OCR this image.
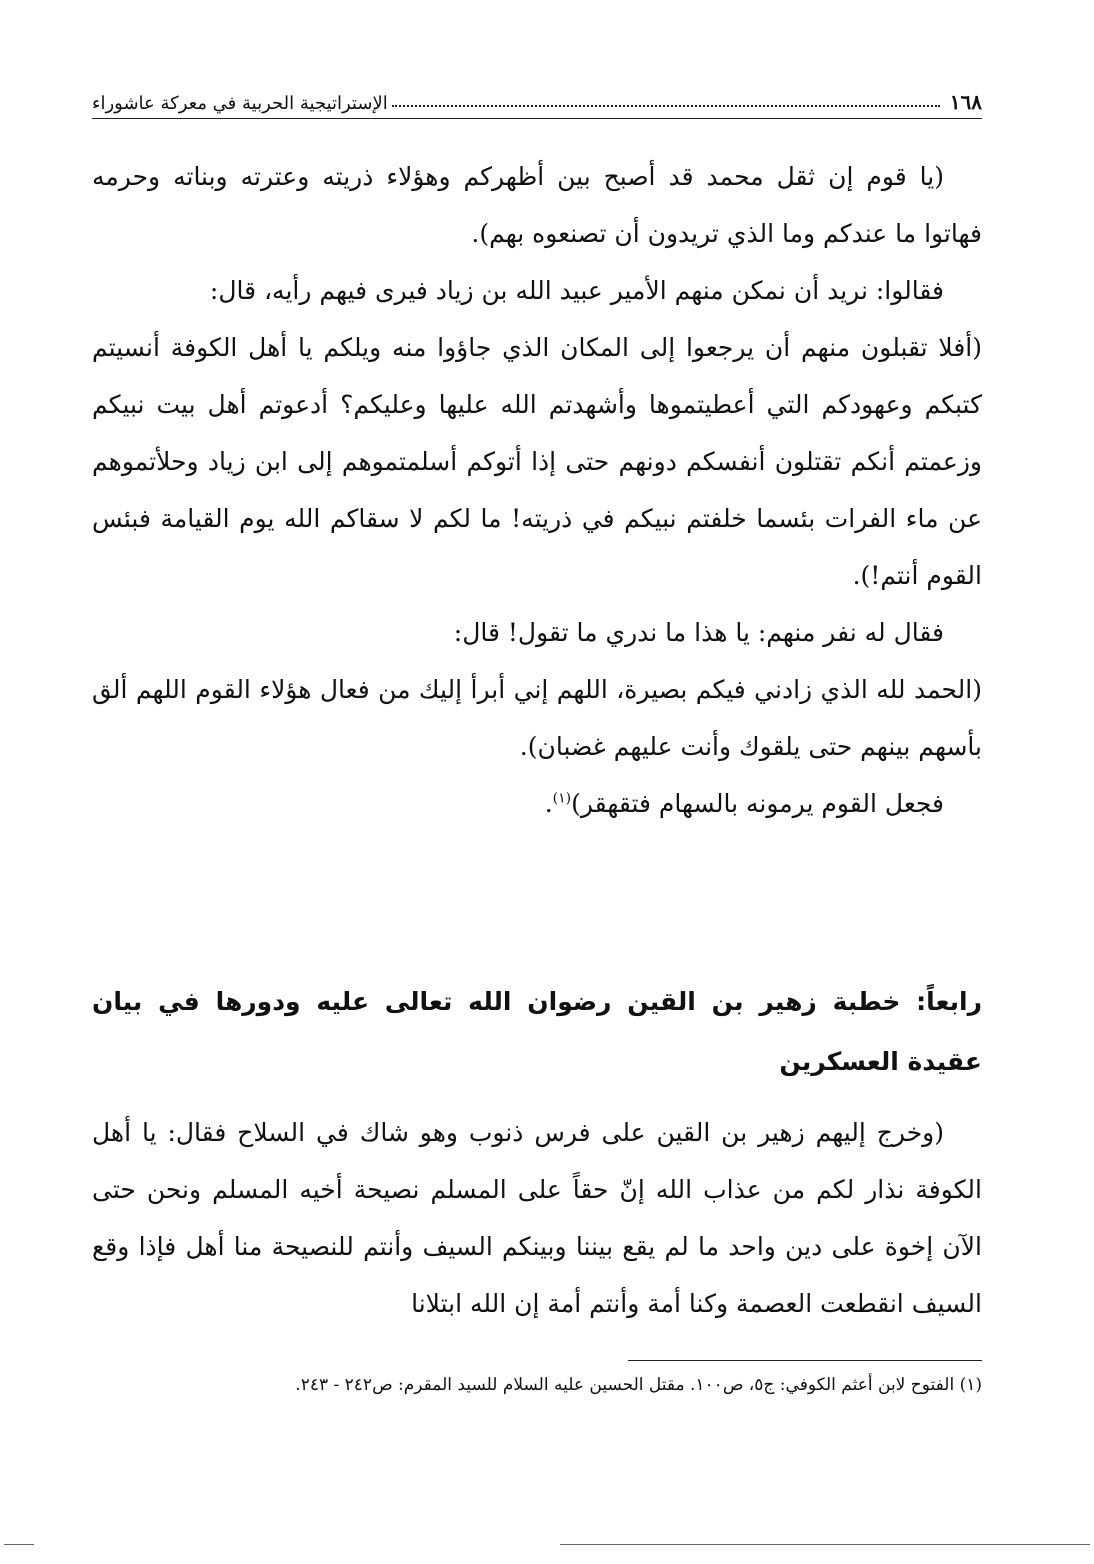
١٦٨
الإستراتيجية الحربية في معركة عاشوراء

(يا قوم إن ثقل محمد قد أصبح بين أظهركم وهؤلاء ذريته وعترته وبناته وحرمه فهاتوا ما عندكم وما الذي تريدون أن تصنعوه بهم).

فقالوا: نريد أن نمكن منهم الأمير عبيد الله بن زياد فيرى فيهم رأيه، قال:

(أفلا تقبلون منهم أن يرجعوا إلى المكان الذي جاؤوا منه ويلكم يا أهل الكوفة أنسيتم كتبكم وعهودكم التي أعطيتموها وأشهدتم الله عليها وعليكم؟ أدعوتم أهل بيت نبيكم وزعمتم أنكم تقتلون أنفسكم دونهم حتى إذا أتوكم أسلمتموهم إلى ابن زياد وحلأتموهم عن ماء الفرات بئسما خلفتم نبيكم في ذريته! ما لكم لا سقاكم الله يوم القيامة فبئس القوم أنتم!).

فقال له نفر منهم: يا هذا ما ندري ما تقول! قال:

(الحمد لله الذي زادني فيكم بصيرة، اللهم إني أبرأ إليك من فعال هؤلاء القوم اللهم ألق بأسهم بينهم حتى يلقوك وأنت عليهم غضبان).

فجعل القوم يرمونه بالسهام فتقهقر)$^{(١)}$.

رابعاً: خطبة زهير بن القين رضوان الله تعالى عليه ودورها في بيان عقيدة العسكرين

(وخرج إليهم زهير بن القين على فرس ذنوب وهو شاك في السلاح فقال: يا أهل الكوفة نذار لكم من عذاب الله إنّ حقاً على المسلم نصيحة أخيه المسلم ونحن حتى الآن إخوة على دين واحد ما لم يقع بيننا وبينكم السيف وأنتم للنصيحة منا أهل فإذا وقع السيف انقطعت العصمة وكنا أمة وأنتم أمة إن الله ابتلانا

(١) الفتوح لابن أعثم الكوفي: ج٥، ص١٠٠. مقتل الحسين عليه السلام للسيد المقرم: ص٢٤٢ - ٢٤٣.
